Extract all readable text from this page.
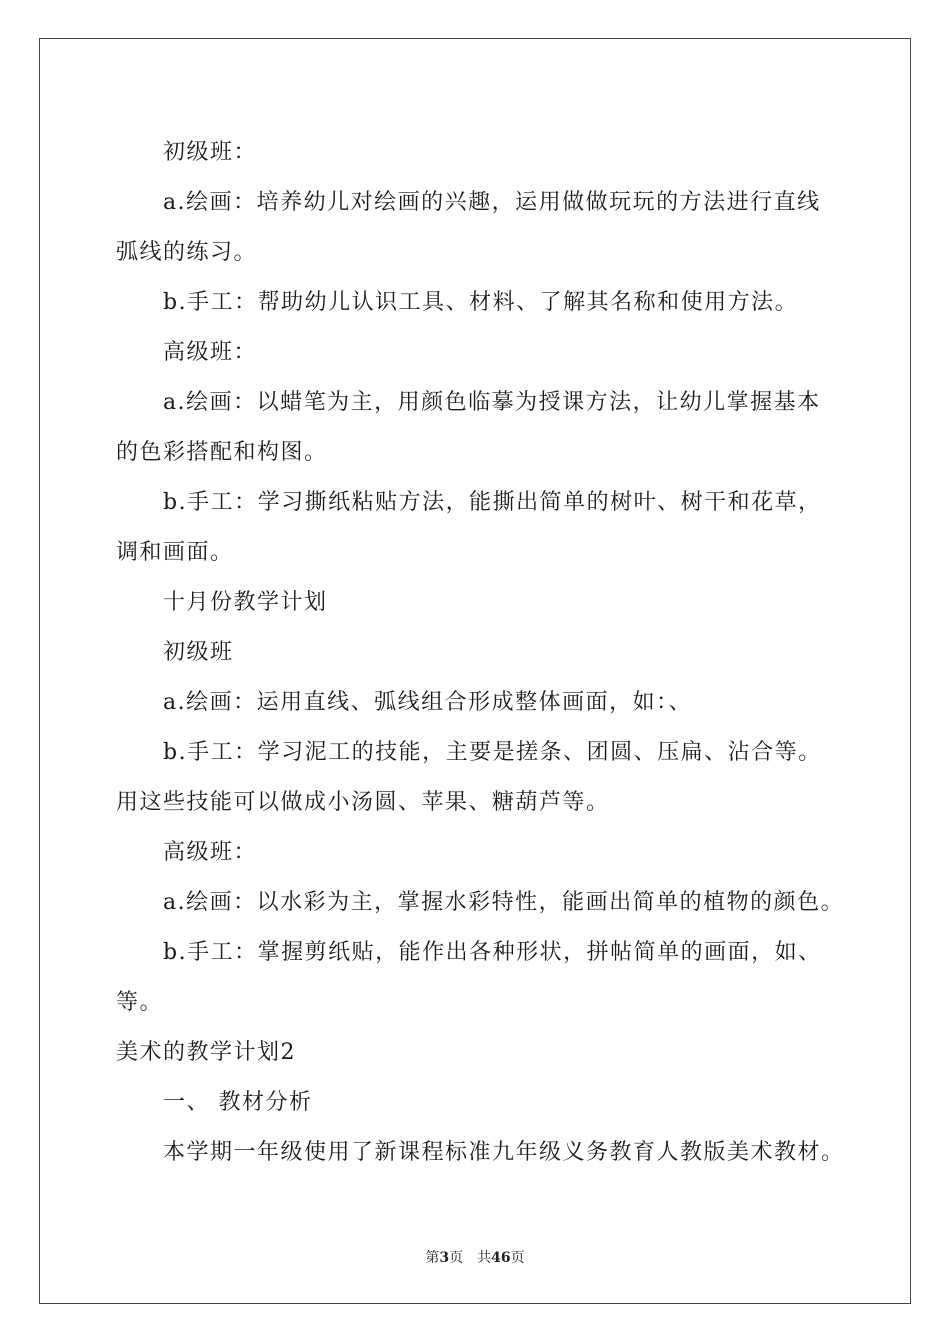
初级班：
a.绘画：培养幼儿对绘画的兴趣，运用做做玩玩的方法进行直线
弧线的练习。
b.手工：帮助幼儿认识工具、材料、了解其名称和使用方法。
高级班：
a.绘画：以蜡笔为主，用颜色临摹为授课方法，让幼儿掌握基本
的色彩搭配和构图。
b.手工：学习撕纸粘贴方法，能撕出简单的树叶、树干和花草，
调和画面。
十月份教学计划
初级班
a.绘画：运用直线、弧线组合形成整体画面，如：、
b.手工：学习泥工的技能，主要是搓条、团圆、压扁、沾合等。
用这些技能可以做成小汤圆、苹果、糖葫芦等。
高级班：
a.绘画：以水彩为主，掌握水彩特性，能画出简单的植物的颜色。
b.手工：掌握剪纸贴，能作出各种形状，拼帖简单的画面，如、
等。
美术的教学计划2
一、 教材分析
本学期一年级使用了新课程标准九年级义务教育人教版美术教材。
第3页 共46页
